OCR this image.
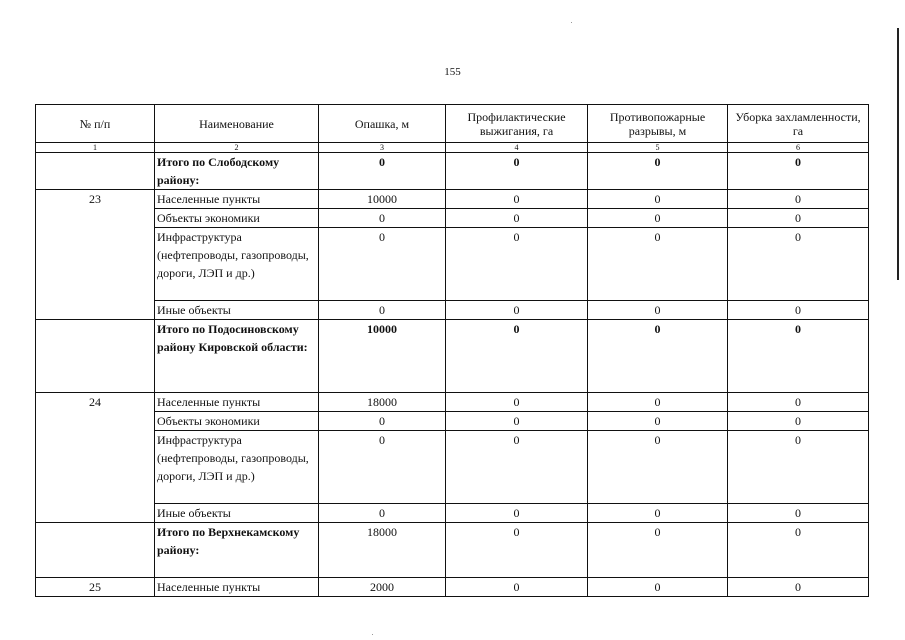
155
№ п/п	Наименование	Опашка, м	Профилактические выжигания, га	Противопожарные разрывы, м	Уборка захламленности, га
1	2	3	4	5	6
	Итого по Слободскому району:	0	0	0	0
23	Населенные пункты	10000	0	0	0
	Объекты экономики	0	0	0	0
	Инфраструктура (нефтепроводы, газопроводы, дороги, ЛЭП и др.)	0	0	0	0
	Иные объекты	0	0	0	0
	Итого по Подосиновскому району Кировской области:	10000	0	0	0
24	Населенные пункты	18000	0	0	0
	Объекты экономики	0	0	0	0
	Инфраструктура (нефтепроводы, газопроводы, дороги, ЛЭП и др.)	0	0	0	0
	Иные объекты	0	0	0	0
	Итого по Верхнекамскому району:	18000	0	0	0
25	Населенные пункты	2000	0	0	0
